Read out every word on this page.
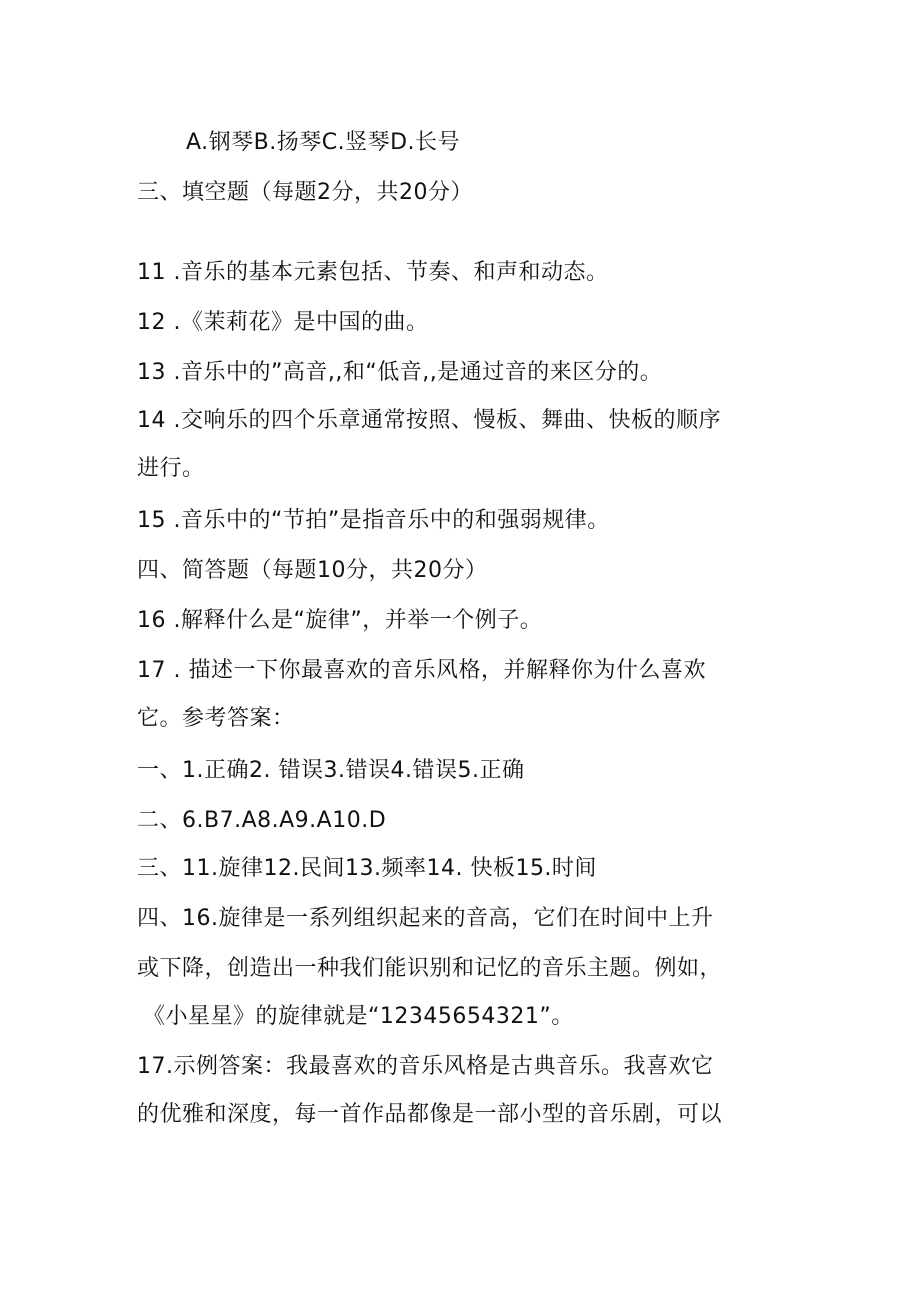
A.钢琴B.扬琴C.竖琴D.长号
三、填空题（每题2分，共20分）
11 .音乐的基本元素包括、节奏、和声和动态。
12 .《茉莉花》是中国的曲。
13 .音乐中的”高音,,和“低音,,是通过音的来区分的。
14 .交响乐的四个乐章通常按照、慢板、舞曲、快板的顺序
进行。
15 .音乐中的“节拍”是指音乐中的和强弱规律。
四、简答题（每题10分，共20分）
16 .解释什么是“旋律”，并举一个例子。
17 . 描述一下你最喜欢的音乐风格，并解释你为什么喜欢
它。参考答案：
一、1.正确2. 错误3.错误4.错误5.正确
二、6.B7.A8.A9.A10.D
三、11.旋律12.民间13.频率14. 快板15.时间
四、16.旋律是一系列组织起来的音高，它们在时间中上升
或下降，创造出一种我们能识别和记忆的音乐主题。例如，
《小星星》的旋律就是“12345654321”。
17.示例答案：我最喜欢的音乐风格是古典音乐。我喜欢它
的优雅和深度，每一首作品都像是一部小型的音乐剧，可以
